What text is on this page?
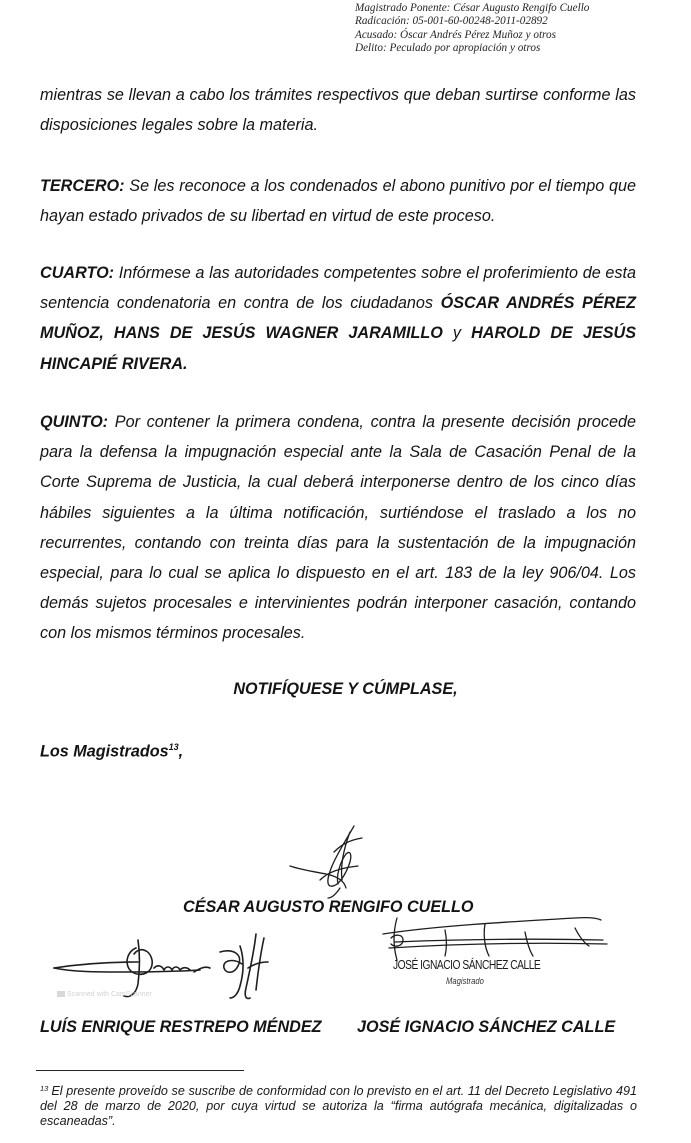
Magistrado Ponente: César Augusto Rengifo Cuello
Radicación: 05-001-60-00248-2011-02892
Acusado: Óscar Andrés Pérez Muñoz y otros
Delito: Peculado por apropiación y otros
mientras se llevan a cabo los trámites respectivos que deban surtirse conforme las disposiciones legales sobre la materia.
TERCERO: Se les reconoce a los condenados el abono punitivo por el tiempo que hayan estado privados de su libertad en virtud de este proceso.
CUARTO: Infórmese a las autoridades competentes sobre el proferimiento de esta sentencia condenatoria en contra de los ciudadanos ÓSCAR ANDRÉS PÉREZ MUÑOZ, HANS DE JESÚS WAGNER JARAMILLO y HAROLD DE JESÚS HINCAPIÉ RIVERA.
QUINTO: Por contener la primera condena, contra la presente decisión procede para la defensa la impugnación especial ante la Sala de Casación Penal de la Corte Suprema de Justicia, la cual deberá interponerse dentro de los cinco días hábiles siguientes a la última notificación, surtiéndose el traslado a los no recurrentes, contando con treinta días para la sustentación de la impugnación especial, para lo cual se aplica lo dispuesto en el art. 183 de la ley 906/04. Los demás sujetos procesales e intervinientes podrán interponer casación, contando con los mismos términos procesales.
NOTIFÍQUESE Y CÚMPLASE,
Los Magistrados$^{13}$,
CÉSAR AUGUSTO RENGIFO CUELLO
Scanned with CamScanner
JOSÉ IGNACIO SÁNCHEZ CALLE
Magistrado
LUÍS ENRIQUE RESTREPO MÉNDEZ JOSÉ IGNACIO SÁNCHEZ CALLE
$^{13}$ El presente proveído se suscribe de conformidad con lo previsto en el art. 11 del Decreto Legislativo 491 del 28 de marzo de 2020, por cuya virtud se autoriza la “firma autógrafa mecánica, digitalizadas o escaneadas”.
